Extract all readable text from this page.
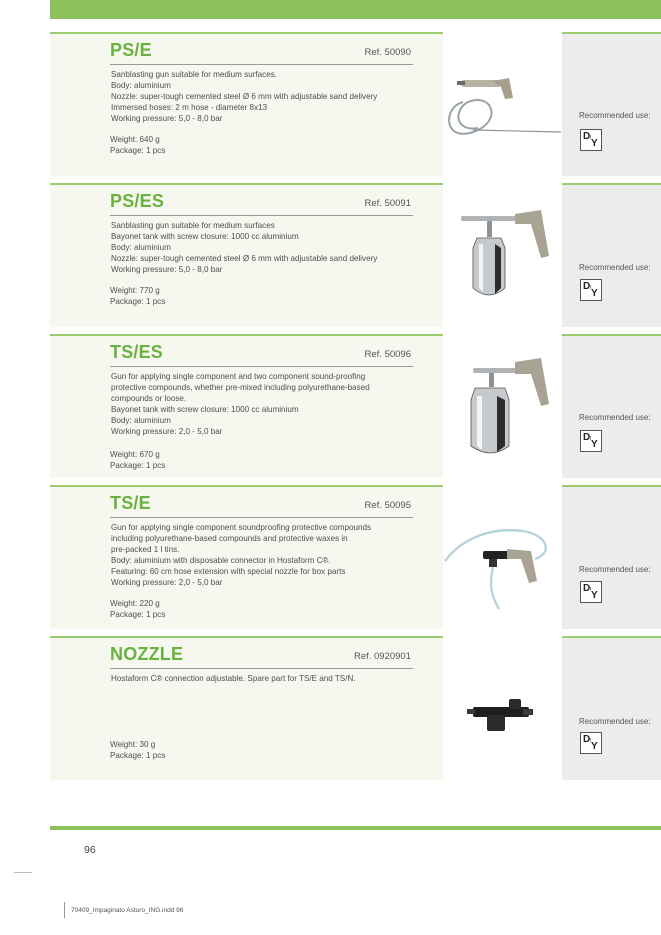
PS/E	Ref. 50090
Sanblasting gun suitable for medium surfaces.
Body: aluminium
Nozzle: super-tough cemented steel Ø 6 mm with adjustable sand delivery
Immersed hoses: 2 m hose - diameter 8x13
Working pressure: 5,0 - 8,0 bar
Weight: 640 g
Package: 1 pcs
Recommended use:
D I Y
PS/ES	Ref. 50091
Sanblasting gun suitable for medium surfaces
Bayonet tank with screw closure: 1000 cc aluminium
Body: aluminium
Nozzle: super-tough cemented steel Ø 6 mm with adjustable sand delivery
Working pressure: 5,0 - 8,0 bar
Weight: 770 g
Package: 1 pcs
Recommended use:
D I Y
TS/ES	Ref. 50096
Gun for applying single component and two component sound-proofing
protective compounds, whether pre-mixed including polyurethane-based
compounds or loose.
Bayonet tank with screw closure: 1000 cc aluminium
Body: aluminium
Working pressure: 2,0 - 5,0 bar
Weight: 670 g
Package: 1 pcs
Recommended use:
D I Y
TS/E	Ref. 50095
Gun for applying single component soundproofing protective compounds
including polyurethane-based compounds and protective waxes in
pre-packed 1 l tins.
Body: aluminium with disposable connector in Hostaform C®.
Featuring: 60 cm hose extension with special nozzle for box parts
Working pressure: 2,0 - 5,0 bar
Weight: 220 g
Package: 1 pcs
Recommended use:
D I Y
NOZZLE	Ref. 0920901
Hostaform C® connection adjustable. Spare part for TS/E and TS/N.
Weight: 30 g
Package: 1 pcs
Recommended use:
D I Y
96
70409_Impaginato Asturo_ING.indd 96
